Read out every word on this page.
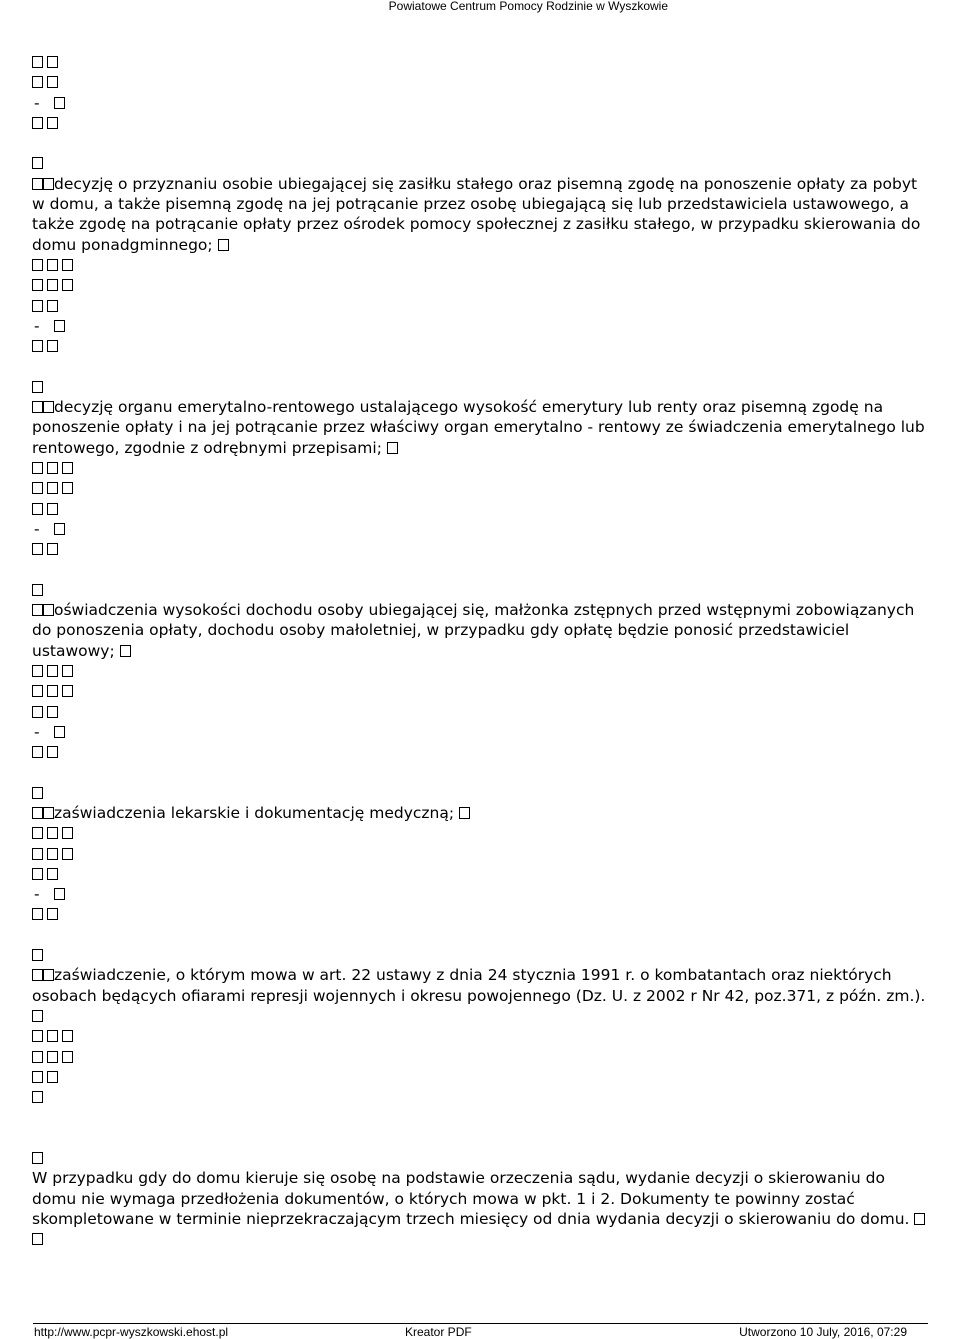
Powiatowe Centrum Pomocy Rodzinie w Wyszkowie
-
decyzję o przyznaniu osobie ubiegającej się zasiłku stałego oraz pisemną zgodę na ponoszenie opłaty za pobyt w domu, a także pisemną zgodę na jej potrącanie przez osobę ubiegającą się lub przedstawiciela ustawowego, a także zgodę na potrącanie opłaty przez ośrodek pomocy społecznej z zasiłku stałego, w przypadku skierowania do domu ponadgminnego;
-
decyzję organu emerytalno-rentowego ustalającego wysokość emerytury lub renty oraz pisemną zgodę na ponoszenie opłaty i na jej potrącanie przez właściwy organ emerytalno - rentowy ze świadczenia emerytalnego lub rentowego, zgodnie z odrębnymi przepisami;
-
oświadczenia wysokości dochodu osoby ubiegającej się, małżonka zstępnych przed wstępnymi zobowiązanych do ponoszenia opłaty, dochodu osoby małoletniej, w przypadku gdy opłatę będzie ponosić przedstawiciel ustawowy;
-
zaświadczenia lekarskie i dokumentację medyczną;
-
zaświadczenie, o którym mowa w art. 22 ustawy z dnia 24 stycznia 1991 r. o kombatantach oraz niektórych osobach będących ofiarami represji wojennych i okresu powojennego (Dz. U. z 2002 r Nr 42, poz.371, z późn. zm.).
W przypadku gdy do domu kieruje się osobę na podstawie orzeczenia sądu, wydanie decyzji o skierowaniu do domu nie wymaga przedłożenia dokumentów, o których mowa w pkt. 1 i 2. Dokumenty te powinny zostać skompletowane w terminie nieprzekraczającym trzech miesięcy od dnia wydania decyzji o skierowaniu do domu.
http://www.pcpr-wyszkowski.ehost.pl	Kreator PDF	Utworzono 10 July, 2016, 07:29
